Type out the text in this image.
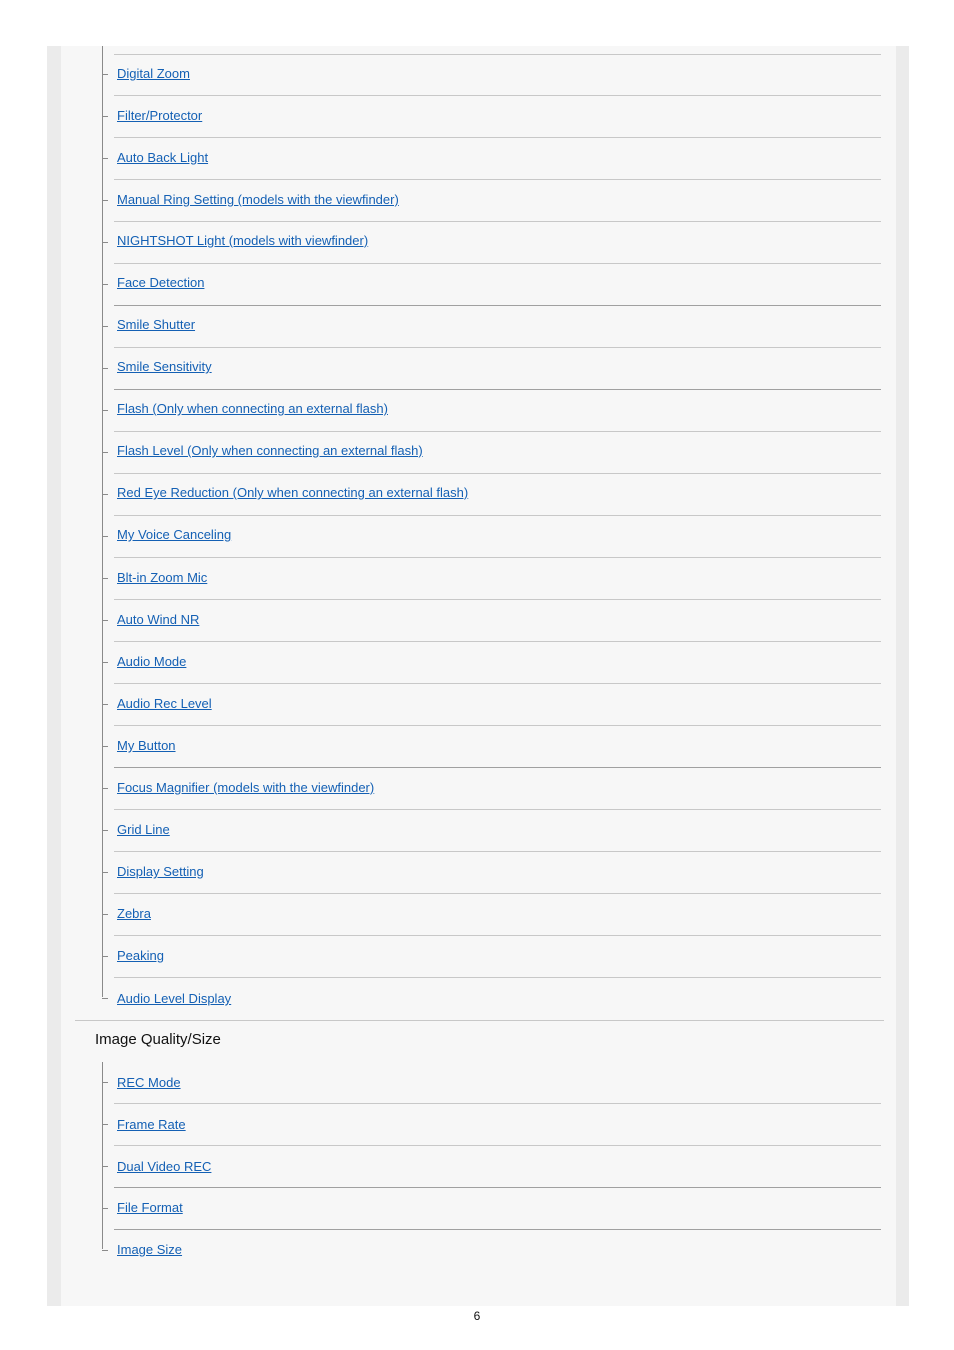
Digital Zoom
Filter/Protector
Auto Back Light
Manual Ring Setting (models with the viewfinder)
NIGHTSHOT Light (models with viewfinder)
Face Detection
Smile Shutter
Smile Sensitivity
Flash (Only when connecting an external flash)
Flash Level (Only when connecting an external flash)
Red Eye Reduction (Only when connecting an external flash)
My Voice Canceling
Blt-in Zoom Mic
Auto Wind NR
Audio Mode
Audio Rec Level
My Button
Focus Magnifier (models with the viewfinder)
Grid Line
Display Setting
Zebra
Peaking
Audio Level Display
Image Quality/Size
REC Mode
Frame Rate
Dual Video REC
File Format
Image Size
6
